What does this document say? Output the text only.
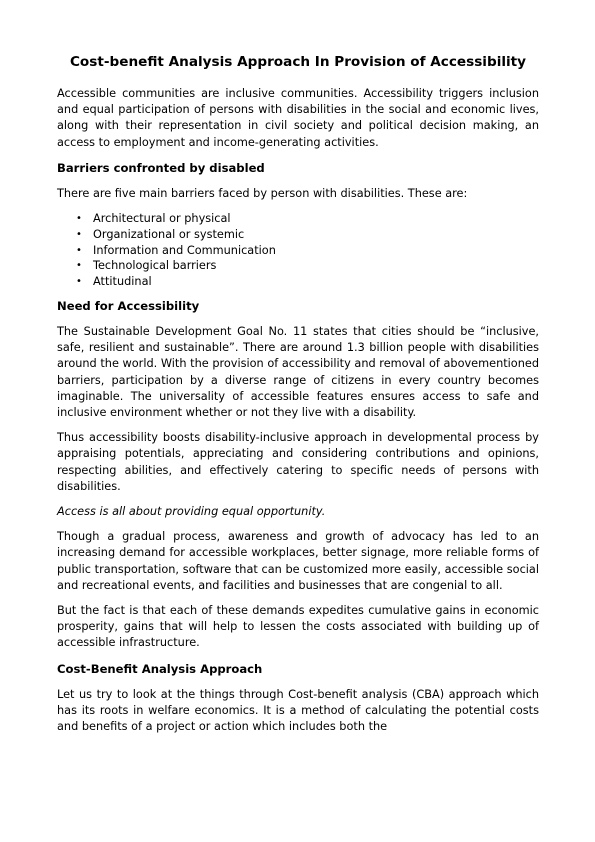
Cost-benefit Analysis Approach In Provision of Accessibility

Accessible communities are inclusive communities. Accessibility triggers inclusion and equal participation of persons with disabilities in the social and economic lives, along with their representation in civil society and political decision making, an access to employment and income-generating activities.

Barriers confronted by disabled

There are five main barriers faced by person with disabilities. These are:

• Architectural or physical
• Organizational or systemic
• Information and Communication
• Technological barriers
• Attitudinal
Need for Accessibility

The Sustainable Development Goal No. 11 states that cities should be “inclusive, safe, resilient and sustainable”. There are around 1.3 billion people with disabilities around the world. With the provision of accessibility and removal of abovementioned barriers, participation by a diverse range of citizens in every country becomes imaginable. The universality of accessible features ensures access to safe and inclusive environment whether or not they live with a disability.

Thus accessibility boosts disability-inclusive approach in developmental process by appraising potentials, appreciating and considering contributions and opinions, respecting abilities, and effectively catering to specific needs of persons with disabilities.

Access is all about providing equal opportunity.

Though a gradual process, awareness and growth of advocacy has led to an increasing demand for accessible workplaces, better signage, more reliable forms of public transportation, software that can be customized more easily, accessible social and recreational events, and facilities and businesses that are congenial to all.

But the fact is that each of these demands expedites cumulative gains in economic prosperity, gains that will help to lessen the costs associated with building up of accessible infrastructure.

Cost-Benefit Analysis Approach

Let us try to look at the things through Cost-benefit analysis (CBA) approach which has its roots in welfare economics. It is a method of calculating the potential costs and benefits of a project or action which includes both the
